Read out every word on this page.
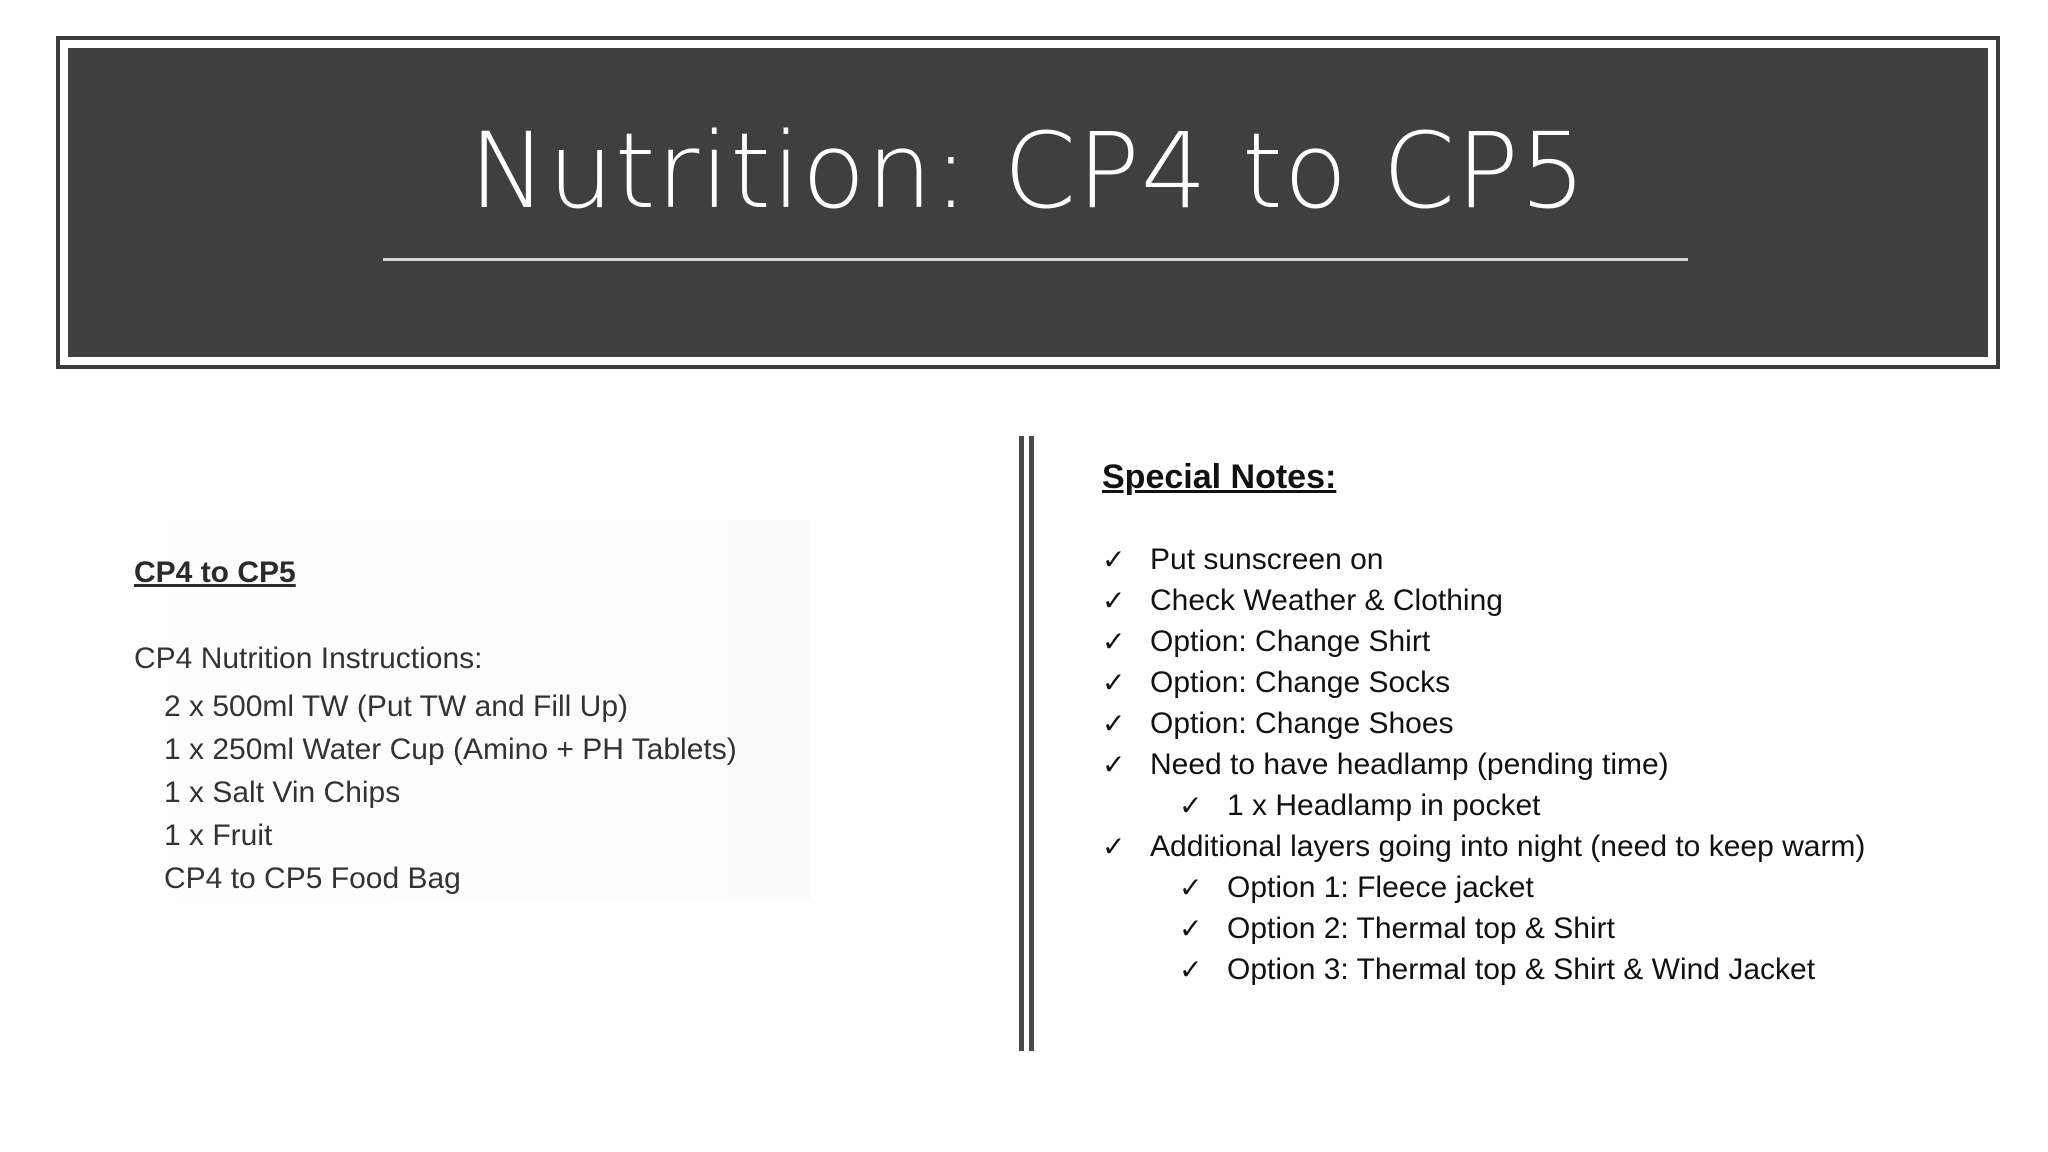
Nutrition: CP4 to CP5
CP4 to CP5
CP4 Nutrition Instructions:
2 x 500ml TW (Put TW and Fill Up)
1 x 250ml Water Cup (Amino + PH Tablets)
1 x Salt Vin Chips
1 x Fruit
CP4 to CP5 Food Bag
Special Notes:
✓ Put sunscreen on
✓ Check Weather & Clothing
✓ Option: Change Shirt
✓ Option: Change Socks
✓ Option: Change Shoes
✓ Need to have headlamp (pending time)
✓ 1 x Headlamp in pocket
✓ Additional layers going into night (need to keep warm)
✓ Option 1: Fleece jacket
✓ Option 2: Thermal top & Shirt
✓ Option 3: Thermal top & Shirt & Wind Jacket
